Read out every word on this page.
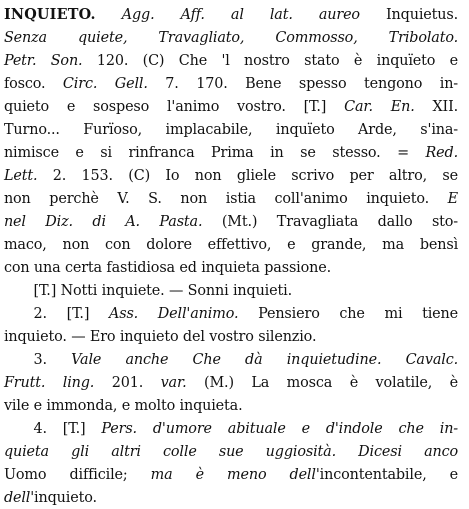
INQUIETO. Agg. Aff. al lat. aureo Inquietus.
Senza quiete, Travagliato, Commosso, Tribolato.
Petr. Son. 120. (C) Che 'l nostro stato è inquïeto e
fosco. Circ. Gell. 7. 170. Bene spesso tengono in-
quieto e sospeso l'animo vostro. [T.] Car. En. XII.
Turno... Furïoso, implacabile, inquïeto Arde, s'ina-
nimisce e si rinfranca Prima in se stesso. = Red.
Lett. 2. 153. (C) Io non gliele scrivo per altro, se
non perchè V. S. non istia coll'animo inquieto. E
nel Diz. di A. Pasta. (Mt.) Travagliata dallo sto-
maco, non con dolore effettivo, e grande, ma bensì
con una certa fastidiosa ed inquieta passione.
[T.] Notti inquiete. — Sonni inquieti.
2. [T.] Ass. Dell'animo. Pensiero che mi tiene
inquieto. — Ero inquieto del vostro silenzio.
3. Vale anche Che dà inquietudine. Cavalc.
Frutt. ling. 201. var. (M.) La mosca è volatile, è
vile e immonda, e molto inquieta.
4. [T.] Pers. d'umore abituale e d'indole che in-
quieta gli altri colle sue uggiosità. Dicesi anco
Uomo difficile; ma è meno dell'incontentabile, e
dell'inquieto.
